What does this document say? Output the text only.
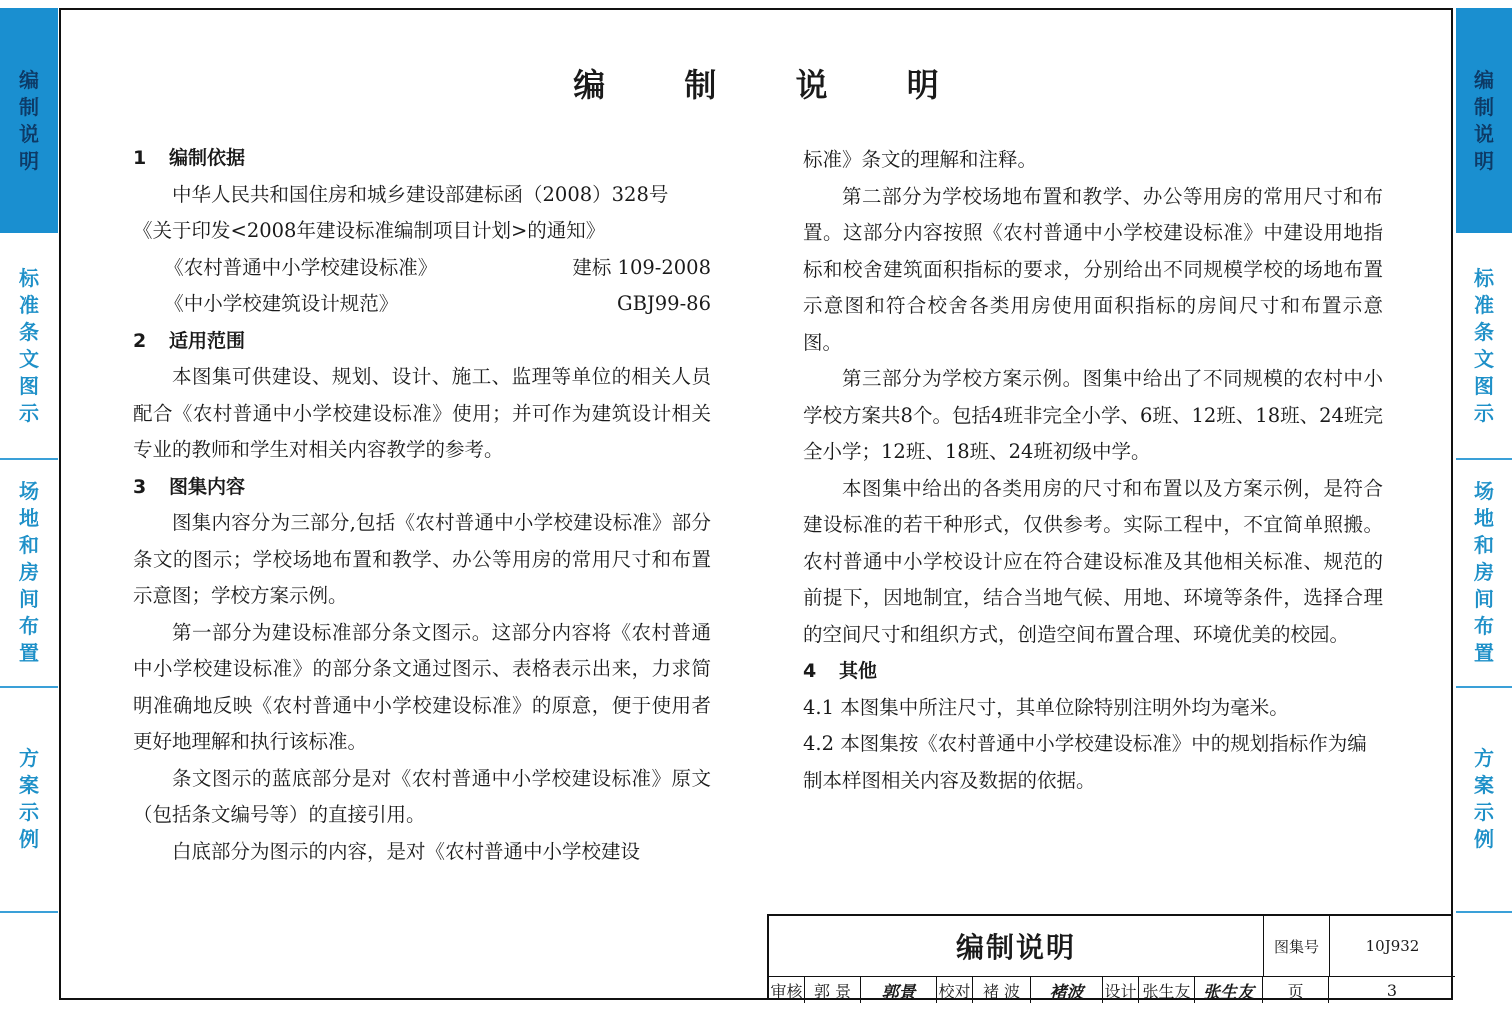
编
制
说
明
标
准
条
文
图
示
场
地
和
房
间
布
置
方
案
示
例
编
制
说
明
标
准
条
文
图
示
场
地
和
房
间
布
置
方
案
示
例
编 制 说 明
1 编制依据

中华人民共和国住房和城乡建设部建标函（2008）328号

《关于印发<2008年建设标准编制项目计划>的通知》

《农村普通中小学校建设标准》	建标 109-2008
《中小学校建筑设计规范》	GBJ99-86
2 适用范围

本图集可供建设、规划、设计、施工、监理等单位的相关人员配合《农村普通中小学校建设标准》使用；并可作为建筑设计相关专业的教师和学生对相关内容教学的参考。

3 图集内容

图集内容分为三部分,包括《农村普通中小学校建设标准》部分条文的图示；学校场地布置和教学、办公等用房的常用尺寸和布置示意图；学校方案示例。

第一部分为建设标准部分条文图示。这部分内容将《农村普通中小学校建设标准》的部分条文通过图示、表格表示出来，力求简明准确地反映《农村普通中小学校建设标准》的原意，便于使用者更好地理解和执行该标准。

条文图示的蓝底部分是对《农村普通中小学校建设标准》原文（包括条文编号等）的直接引用。

白底部分为图示的内容，是对《农村普通中小学校建设

标准》条文的理解和注释。

第二部分为学校场地布置和教学、办公等用房的常用尺寸和布置。这部分内容按照《农村普通中小学校建设标准》中建设用地指标和校舍建筑面积指标的要求，分别给出不同规模学校的场地布置示意图和符合校舍各类用房使用面积指标的房间尺寸和布置示意图。

第三部分为学校方案示例。图集中给出了不同规模的农村中小学校方案共8个。包括4班非完全小学、6班、12班、18班、24班完全小学；12班、18班、24班初级中学。

本图集中给出的各类用房的尺寸和布置以及方案示例，是符合建设标准的若干种形式，仅供参考。实际工程中，不宜简单照搬。农村普通中小学校设计应在符合建设标准及其他相关标准、规范的前提下，因地制宜，结合当地气候、用地、环境等条件，选择合理的空间尺寸和组织方式，创造空间布置合理、环境优美的校园。

4 其他

4.1 本图集中所注尺寸，其单位除特别注明外均为毫米。

4.2 本图集按《农村普通中小学校建设标准》中的规划指标作为编制本样图相关内容及数据的依据。

编制说明	图集号	10J932
审核 郭 景	郭景	校对 褚 波	褚波	设计 张生友 张生友	页	3
